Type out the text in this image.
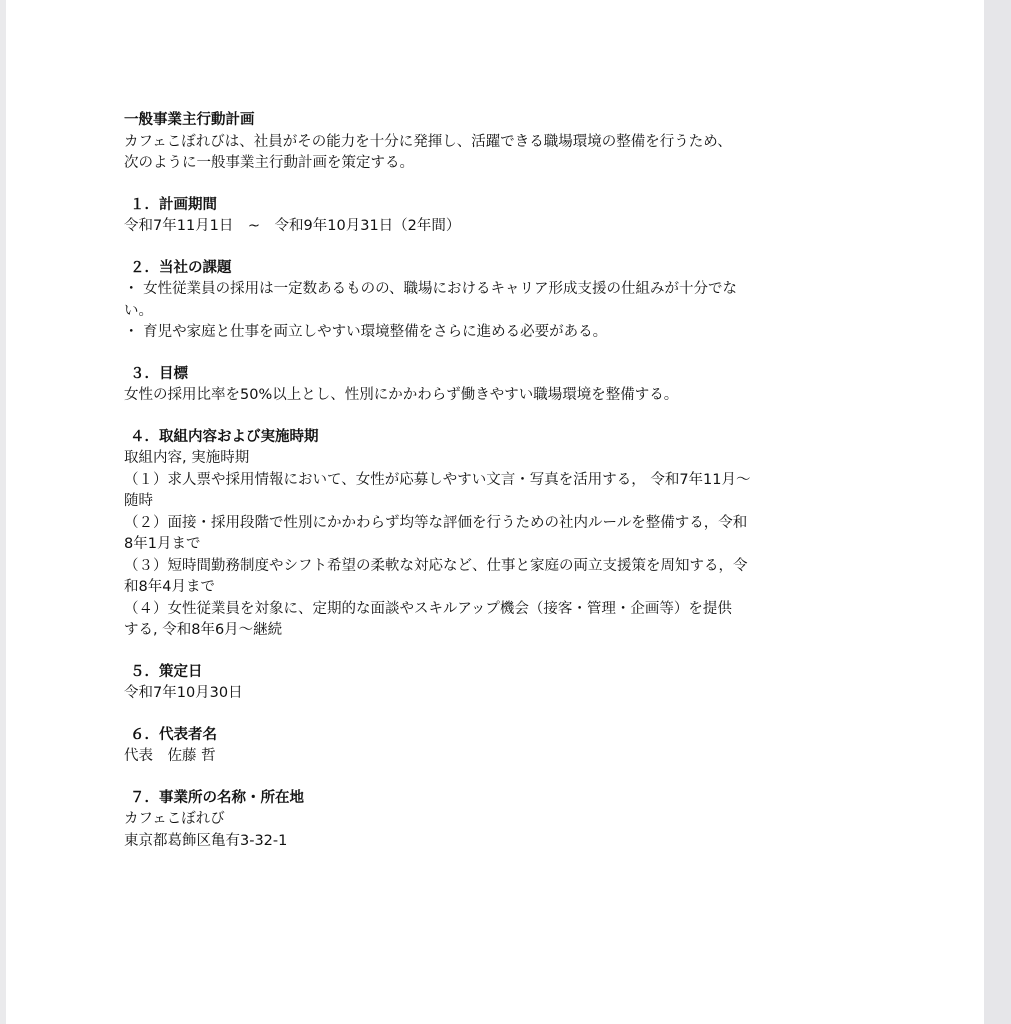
一般事業主行動計画
カフェこぼれびは、社員がその能力を十分に発揮し、活躍できる職場環境の整備を行うため、
次のように一般事業主行動計画を策定する。
１．計画期間
令和7年11月1日　~　令和9年10月31日（2年間）
２．当社の課題
・ 女性従業員の採用は一定数あるものの、職場におけるキャリア形成支援の仕組みが十分でな
い。
・ 育児や家庭と仕事を両立しやすい環境整備をさらに進める必要がある。
３．目標
女性の採用比率を50%以上とし、性別にかかわらず働きやすい職場環境を整備する。
４．取組内容および実施時期
取組内容, 実施時期
（１）求人票や採用情報において、女性が応募しやすい文言・写真を活用する， 令和7年11月～
随時
（２）面接・採用段階で性別にかかわらず均等な評価を行うための社内ルールを整備する，令和
8年1月まで
（３）短時間勤務制度やシフト希望の柔軟な対応など、仕事と家庭の両立支援策を周知する，令
和8年4月まで
（４）女性従業員を対象に、定期的な面談やスキルアップ機会（接客・管理・企画等）を提供
する, 令和8年6月～継続
５．策定日
令和7年10月30日
６．代表者名
代表　佐藤 哲
７．事業所の名称・所在地
カフェこぼれび
東京都葛飾区亀有3-32-1
